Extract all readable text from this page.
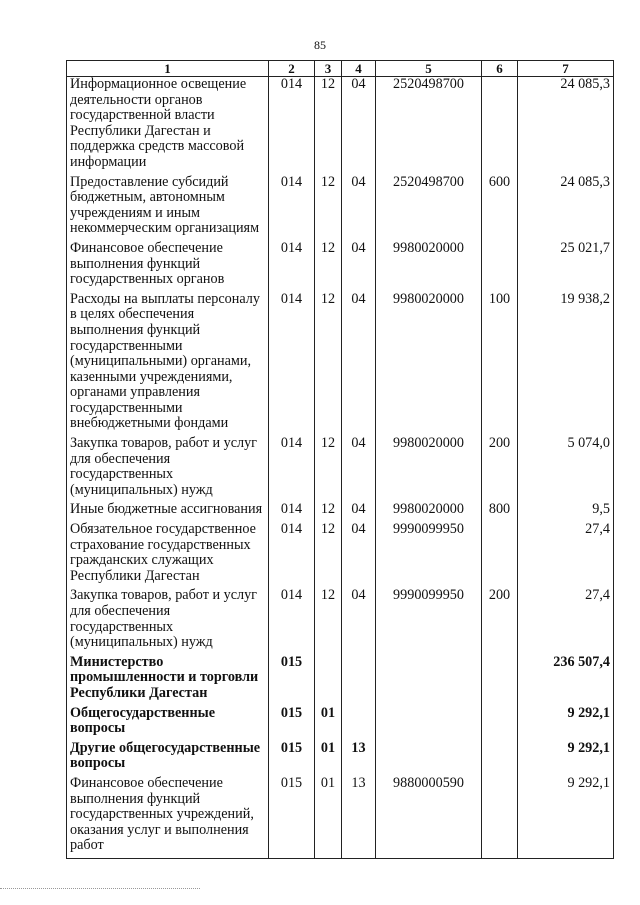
85
1	2	3	4	5	6	7
Информационное освещение деятельности органов государственной власти Республики Дагестан и поддержка средств массовой информации	014	12	04	2520498700		24 085,3
Предоставление субсидий бюджетным, автономным учреждениям и иным некоммерческим организациям	014	12	04	2520498700	600	24 085,3
Финансовое обеспечение выполнения функций государственных органов	014	12	04	9980020000		25 021,7
Расходы на выплаты персоналу в целях обеспечения выполнения функций государственными (муниципальными) органами, казенными учреждениями, органами управления государственными внебюджетными фондами	014	12	04	9980020000	100	19 938,2
Закупка товаров, работ и услуг для обеспечения государственных (муниципальных) нужд	014	12	04	9980020000	200	5 074,0
Иные бюджетные ассигнования	014	12	04	9980020000	800	9,5
Обязательное государственное страхование государственных гражданских служащих Республики Дагестан	014	12	04	9990099950		27,4
Закупка товаров, работ и услуг для обеспечения государственных (муниципальных) нужд	014	12	04	9990099950	200	27,4
Министерство промышленности и торговли Республики Дагестан	015					236 507,4
Общегосударственные вопросы	015	01				9 292,1
Другие общегосударственные вопросы	015	01	13			9 292,1
Финансовое обеспечение выполнения функций государственных учреждений, оказания услуг и выполнения работ	015	01	13	9880000590		9 292,1
